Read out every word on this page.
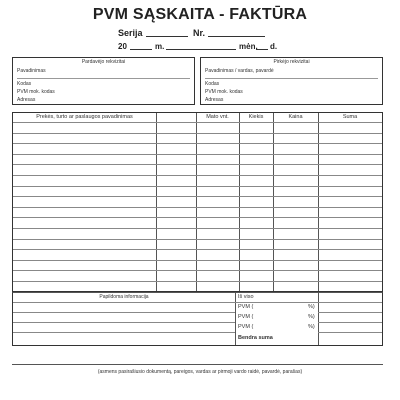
PVM SĄSKAITA - FAKTŪRA
Serija	Nr.
20	m.	mėn. d.
Pardavėjo rekvizitai
Pavadinimas
Kodas
PVM mok. kodas
Adresas
Pirkėjo rekvizitai
Pavadinimas / vardas, pavardė
Kodas
PVM mok. kodas
Adresas
Prekės, turto ar paslaugos pavadinimas	Mato vnt.	Kiekis	Kaina	Suma
Papildoma informacija	Iš viso
PVM (	%)
PVM (	%)
PVM (	%)
Bendra suma
(asmens pasirašiusio dokumentą, pareigos, vardas ar pirmoji vardo raidė, pavardė, parašas)
